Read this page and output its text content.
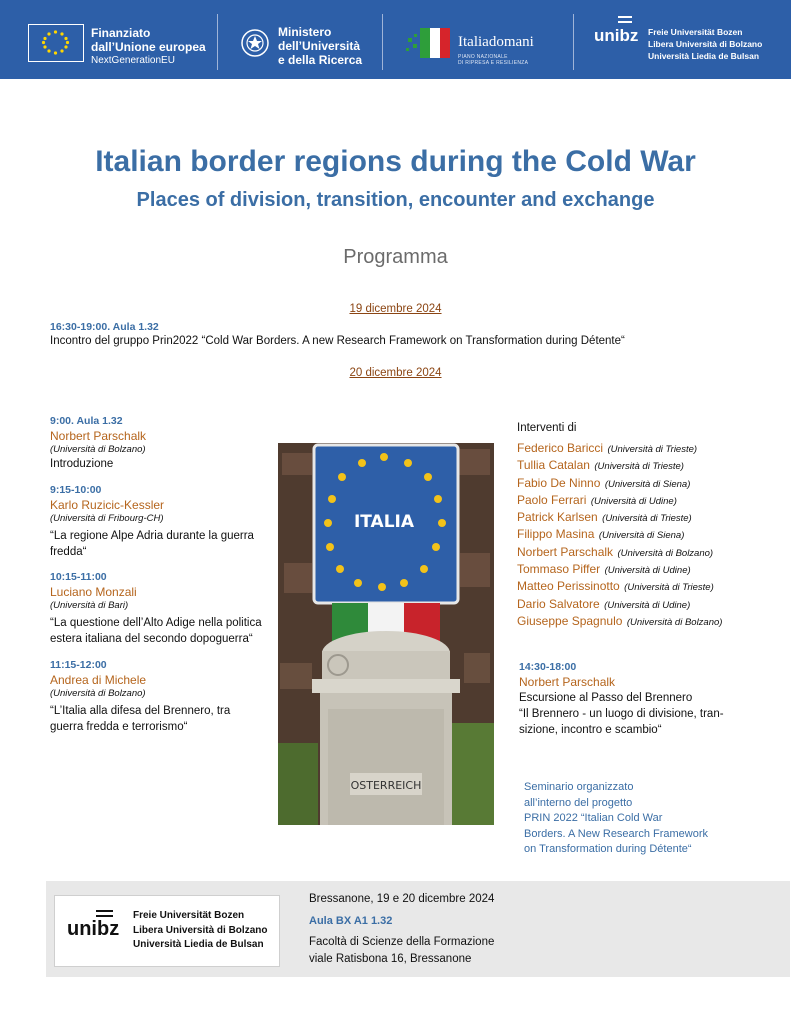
Finanziato
dall’Unione europea
NextGenerationEU
Ministero
dell’Università
e della Ricerca
Italiadomani
PIANO NAZIONALE
DI RIPRESA E RESILIENZA
unibz Freie Universität Bozen
Libera Università di Bolzano
Università Liedia de Bulsan
Italian border regions during the Cold War
Places of division, transition, encounter and exchange
Programma
19 dicembre 2024
16:30-19:00. Aula 1.32
Incontro del gruppo Prin2022 “Cold War Borders. A new Research Framework on Transformation during Détente“
20 dicembre 2024
9:00. Aula 1.32
Norbert Parschalk
(Università di Bolzano)
Introduzione
9:15-10:00
Karlo Ruzicic-Kessler
(Università di Fribourg-CH)
“La regione Alpe Adria durante la guerra
fredda“
10:15-11:00
Luciano Monzali
(Università di Bari)
“La questione dell’Alto Adige nella politica
estera italiana del secondo dopoguerra“
11:15-12:00
Andrea di Michele
(Università di Bolzano)
“L’Italia alla difesa del Brennero, tra
guerra fredda e terrorismo“
ITALIA
OSTERREICH
Interventi di
Federico Baricci (Università di Trieste)
Tullia Catalan (Università di Trieste)
Fabio De Ninno (Università di Siena)
Paolo Ferrari (Università di Udine)
Patrick Karlsen (Università di Trieste)
Filippo Masina (Università di Siena)
Norbert Parschalk (Università di Bolzano)
Tommaso Piffer (Università di Udine)
Matteo Perissinotto (Università di Trieste)
Dario Salvatore (Università di Udine)
Giuseppe Spagnulo (Università di Bolzano)
14:30-18:00
Norbert Parschalk
Escursione al Passo del Brennero
“Il Brennero - un luogo di divisione, tran-
sizione, incontro e scambio“
Seminario organizzato
all’interno del progetto
PRIN 2022 “Italian Cold War
Borders. A New Research Framework
on Transformation during Détente“
unibz
Freie Universität Bozen
Libera Università di Bolzano
Università Liedia de Bulsan
Bressanone, 19 e 20 dicembre 2024
Aula BX A1 1.32
Facoltà di Scienze della Formazione
viale Ratisbona 16, Bressanone
